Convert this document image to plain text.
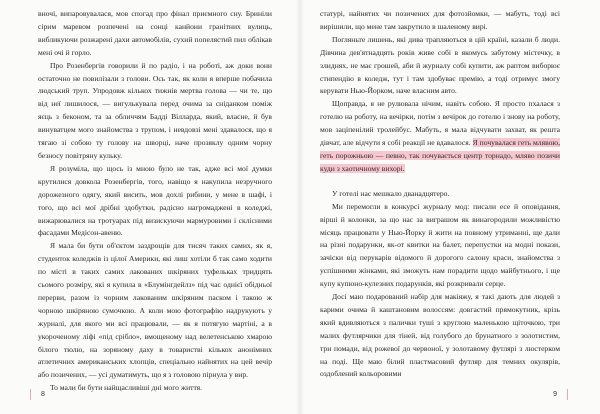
вночі, випаровувалася, мов спогад про фінал приємного сну. Бриніли сірим маревом розпечені на сонці канйони гранітних вулиць, вибликуючи розжарені дахи автомобілів, сухий попелястий пил облікав мені очі й горло.

Про Розенбергів говорили й по радіо, і на роботі, аж доки вони остаточно не повилізали з голови. Ось так, як коли я вперше побачила людський труп. Упродовж кількох тижнів мертва голова — чи те, що від неї лишилося, — вигулькувала перед очима за сніданком поміж яєць з беконом, та за обличчям Бадді Вілларда, який, власне, й був винуватцем мого знайомства з трупом, і невдовзі мені здавалося, що я тягаю зі собою ту голову на шворці, наче прозяклу одним чорну безносу повітряну кульку.

Я розуміла, що щось із мною було не так, адже всі мої думки крутилися довкола Розенбергів, того, навіщо я накупила незручного дорожезного одягу, який висить, мов дохлі рибини, у мене в шафі, і того, що всі мої дрібні здобутки, радісно нагромаджені в коледжі, вижарювалися на тротуарах під визискуючи мармуровими і склісними фасадами Медісон-авеню.

Я мала би бути об'єктом заздрощів для тисяч таких самих, як я, студенток коледжів із цілої Америки, які лиш хотіли б так само ходити по місті в таких самих лакованих шкіряних туфельках тридцять сьомого розміру, які я купила в «Блумінґдейлз» під час однієї обідньої перерви, разом із чорним лакованим шкіряним паском і такою ж чорною шкіряною сумочкою. А коли мою фотографію надрукують у журналі, для якого ми всі працювали, — як я потягую мартіні, а в укороченому ліфі «під срібло», вмощеному над велетенською хмарою білого тюлю, на зоряному даху в товаристві кількох анонімних атлетичних американських хлопців, спеціально найнятих на цей вечір або позичених, — усі думатимуть, що я з головою пірнула у вир.

То мали би бути найщасливіші дні мого життя.

8

статурі, найнятих чи позичених для фотозйомки, — мабуть, тоді всі вирішили, що мене там закрутило в шаленому вирі.

Погляньте лишень, які дива трапляються в цій країні, казали б люди. Дівчина дев'ятнадцять років живе собі в якомусь забутому містечку, в злиднях, не має грошей, аби й журналу собі купити, аж раптом виборює стипендію в коледж, тут і там здобуває премію, а тоді отримує змогу керувати Нью-Йорком, наче власним авто.

Щоправда, я не рулювала нічим, навіть собою. Я просто пхалася з готелю на роботу, на вечірки, потім з вечірок до готелю і знову на роботу, мов заціпенілий тролейбус. Мабуть, я мала відчувати захват, як решта дівчат, але відчути я собі реакції не вдавалося. Я почувалася геть млявою, геть порожньою — певно, так почувається центр торнадо, мляво позичи куди з хаотичному вихорі.

У готелі нас мешкало дванадцятеро.

Ми перемогли в конкурсі журналу мод: писали есе й оповідання, вірші й колонки, за що нас за виграшом як винагородили можливістю місяць працювати у Нью-Йорку й жити на повному утриманні, ще дали на різні подарунки, як-от квитки на балет, перепустки на модні покази, зачіски від перукарів відомого й дорогого салону краси, знайомства з успішними жінками, які зможуть нам порадити щодо майбутнього, і ще купу купюно-кулезних подарунків, які розкривали серце.

Досі маю подарований набір для макіяжу, я такі дають для людей з карими очима й каштановим волоссям: довгастий прямокутник, крізь який вдивляються з палички туші з круглою маленькою щіточкою, три малих футлярчики для тіней, від голубого до брунатного з золотистим, три помади, від рожевої до червоної, у золотавому футлярі з люстерком на поді. Ще маю білий пластмасовий футляр для темних окулярів, оздоблений кольоровими

9
